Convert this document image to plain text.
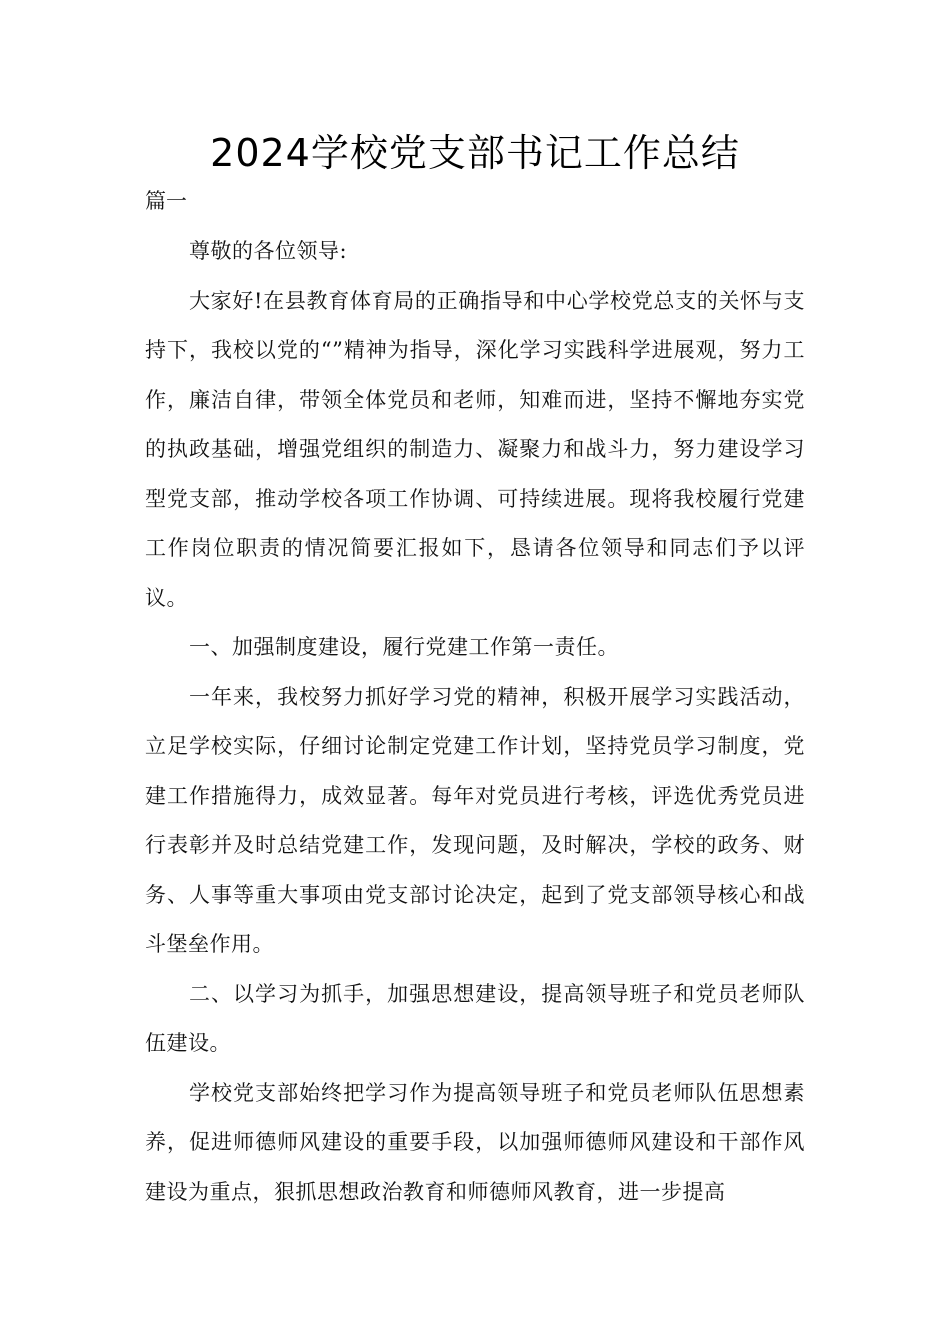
2024学校党支部书记工作总结

篇一

尊敬的各位领导:

大家好!在县教育体育局的正确指导和中心学校党总支的关怀与支持下，我校以党的“”精神为指导，深化学习实践科学进展观，努力工作，廉洁自律，带领全体党员和老师，知难而进，坚持不懈地夯实党的执政基础，增强党组织的制造力、凝聚力和战斗力，努力建设学习型党支部，推动学校各项工作协调、可持续进展。现将我校履行党建工作岗位职责的情况简要汇报如下，恳请各位领导和同志们予以评议。

一、加强制度建设，履行党建工作第一责任。

一年来，我校努力抓好学习党的精神，积极开展学习实践活动，立足学校实际，仔细讨论制定党建工作计划，坚持党员学习制度，党建工作措施得力，成效显著。每年对党员进行考核，评选优秀党员进行表彰并及时总结党建工作，发现问题，及时解决，学校的政务、财务、人事等重大事项由党支部讨论决定，起到了党支部领导核心和战斗堡垒作用。

二、以学习为抓手，加强思想建设，提高领导班子和党员老师队伍建设。

学校党支部始终把学习作为提高领导班子和党员老师队伍思想素养，促进师德师风建设的重要手段，以加强师德师风建设和干部作风建设为重点，狠抓思想政治教育和师德师风教育，进一步提高
